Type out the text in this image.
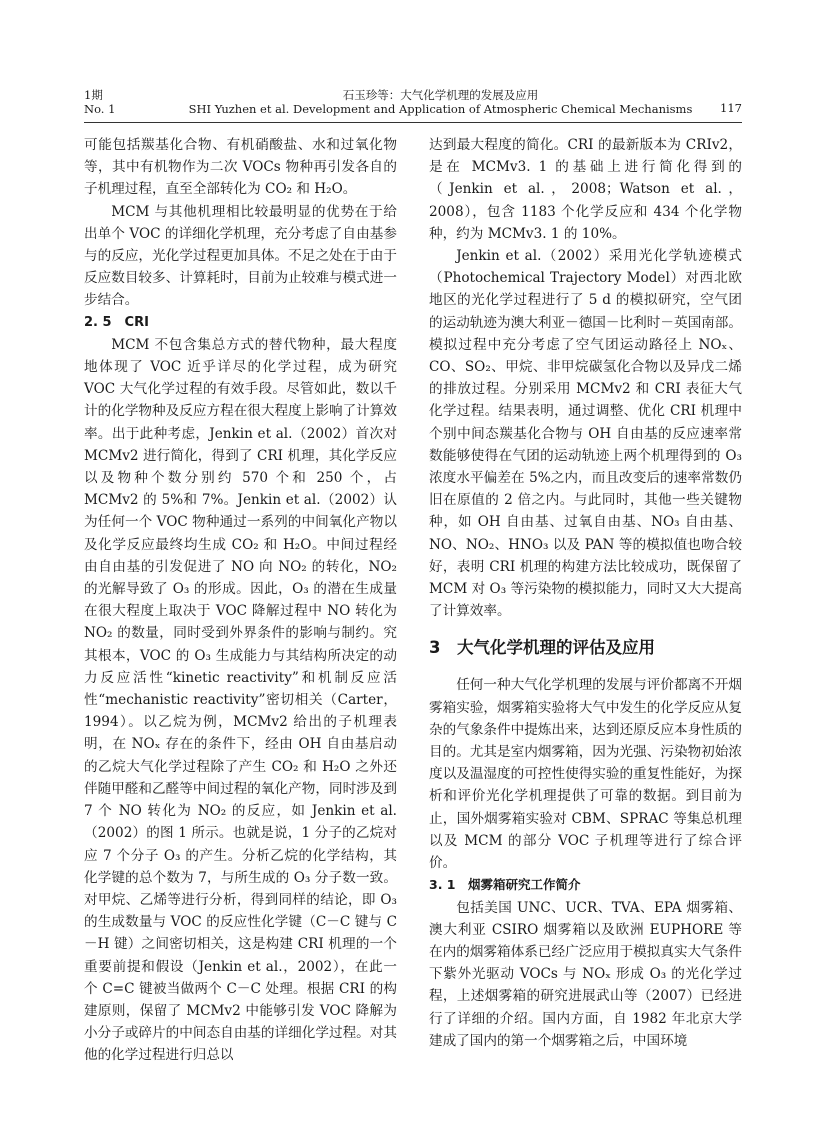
1期
No. 1
石玉珍等：大气化学机理的发展及应用
SHI Yuzhen et al. Development and Application of Atmospheric Chemical Mechanisms	117

可能包括羰基化合物、有机硝酸盐、水和过氧化物等，其中有机物作为二次 VOCs 物种再引发各自的子机理过程，直至全部转化为 CO₂ 和 H₂O。

MCM 与其他机理相比较最明显的优势在于给出单个 VOC 的详细化学机理，充分考虑了自由基参与的反应，光化学过程更加具体。不足之处在于由于反应数目较多、计算耗时，目前为止较难与模式进一步结合。

2. 5　CRI

MCM 不包含集总方式的替代物种，最大程度地体现了 VOC 近乎详尽的化学过程，成为研究 VOC 大气化学过程的有效手段。尽管如此，数以千计的化学物种及反应方程在很大程度上影响了计算效率。出于此种考虑，Jenkin et al.（2002）首次对 MCMv2 进行简化，得到了 CRI 机理，其化学反应以及物种个数分别约 570 个和 250 个，占 MCMv2 的 5%和 7%。Jenkin et al.（2002）认为任何一个 VOC 物种通过一系列的中间氧化产物以及化学反应最终均生成 CO₂ 和 H₂O。中间过程经由自由基的引发促进了 NO 向 NO₂ 的转化，NO₂ 的光解导致了 O₃ 的形成。因此，O₃ 的潜在生成量在很大程度上取决于 VOC 降解过程中 NO 转化为 NO₂ 的数量，同时受到外界条件的影响与制约。究其根本，VOC 的 O₃ 生成能力与其结构所决定的动力反应活性“kinetic reactivity”和机制反应活性“mechanistic reactivity”密切相关（Carter，1994）。以乙烷为例，MCMv2 给出的子机理表明，在 NOₓ 存在的条件下，经由 OH 自由基启动的乙烷大气化学过程除了产生 CO₂ 和 H₂O 之外还伴随甲醛和乙醛等中间过程的氧化产物，同时涉及到 7 个 NO 转化为 NO₂ 的反应，如 Jenkin et al.（2002）的图 1 所示。也就是说，1 分子的乙烷对应 7 个分子 O₃ 的产生。分析乙烷的化学结构，其化学键的总个数为 7，与所生成的 O₃ 分子数一致。对甲烷、乙烯等进行分析，得到同样的结论，即 O₃ 的生成数量与 VOC 的反应性化学键（C－C 键与 C－H 键）之间密切相关，这是构建 CRI 机理的一个重要前提和假设（Jenkin et al.，2002），在此一个 C=C 键被当做两个 C－C 处理。根据 CRI 的构建原则，保留了 MCMv2 中能够引发 VOC 降解为小分子或碎片的中间态自由基的详细化学过程。对其他的化学过程进行归总以

达到最大程度的简化。CRI 的最新版本为 CRIv2，是在 MCMv3. 1 的基础上进行简化得到的（Jenkin et al.，2008；Watson et al.，2008），包含 1183 个化学反应和 434 个化学物种，约为 MCMv3. 1 的 10%。

Jenkin et al.（2002）采用光化学轨迹模式（Photochemical Trajectory Model）对西北欧地区的光化学过程进行了 5 d 的模拟研究，空气团的运动轨迹为澳大利亚－德国－比利时－英国南部。模拟过程中充分考虑了空气团运动路径上 NOₓ、CO、SO₂、甲烷、非甲烷碳氢化合物以及异戊二烯的排放过程。分别采用 MCMv2 和 CRI 表征大气化学过程。结果表明，通过调整、优化 CRI 机理中个别中间态羰基化合物与 OH 自由基的反应速率常数能够使得在气团的运动轨迹上两个机理得到的 O₃ 浓度水平偏差在 5%之内，而且改变后的速率常数仍旧在原值的 2 倍之内。与此同时，其他一些关键物种，如 OH 自由基、过氧自由基、NO₃ 自由基、NO、NO₂、HNO₃ 以及 PAN 等的模拟值也吻合较好，表明 CRI 机理的构建方法比较成功，既保留了 MCM 对 O₃ 等污染物的模拟能力，同时又大大提高了计算效率。

3　大气化学机理的评估及应用

任何一种大气化学机理的发展与评价都离不开烟雾箱实验，烟雾箱实验将大气中发生的化学反应从复杂的气象条件中提炼出来，达到还原反应本身性质的目的。尤其是室内烟雾箱，因为光强、污染物初始浓度以及温湿度的可控性使得实验的重复性能好，为探析和评价光化学机理提供了可靠的数据。到目前为止，国外烟雾箱实验对 CBM、SPRAC 等集总机理以及 MCM 的部分 VOC 子机理等进行了综合评价。

3. 1　烟雾箱研究工作简介

包括美国 UNC、UCR、TVA、EPA 烟雾箱、澳大利亚 CSIRO 烟雾箱以及欧洲 EUPHORE 等在内的烟雾箱体系已经广泛应用于模拟真实大气条件下紫外光驱动 VOCs 与 NOₓ 形成 O₃ 的光化学过程，上述烟雾箱的研究进展武山等（2007）已经进行了详细的介绍。国内方面，自 1982 年北京大学建成了国内的第一个烟雾箱之后，中国环境
